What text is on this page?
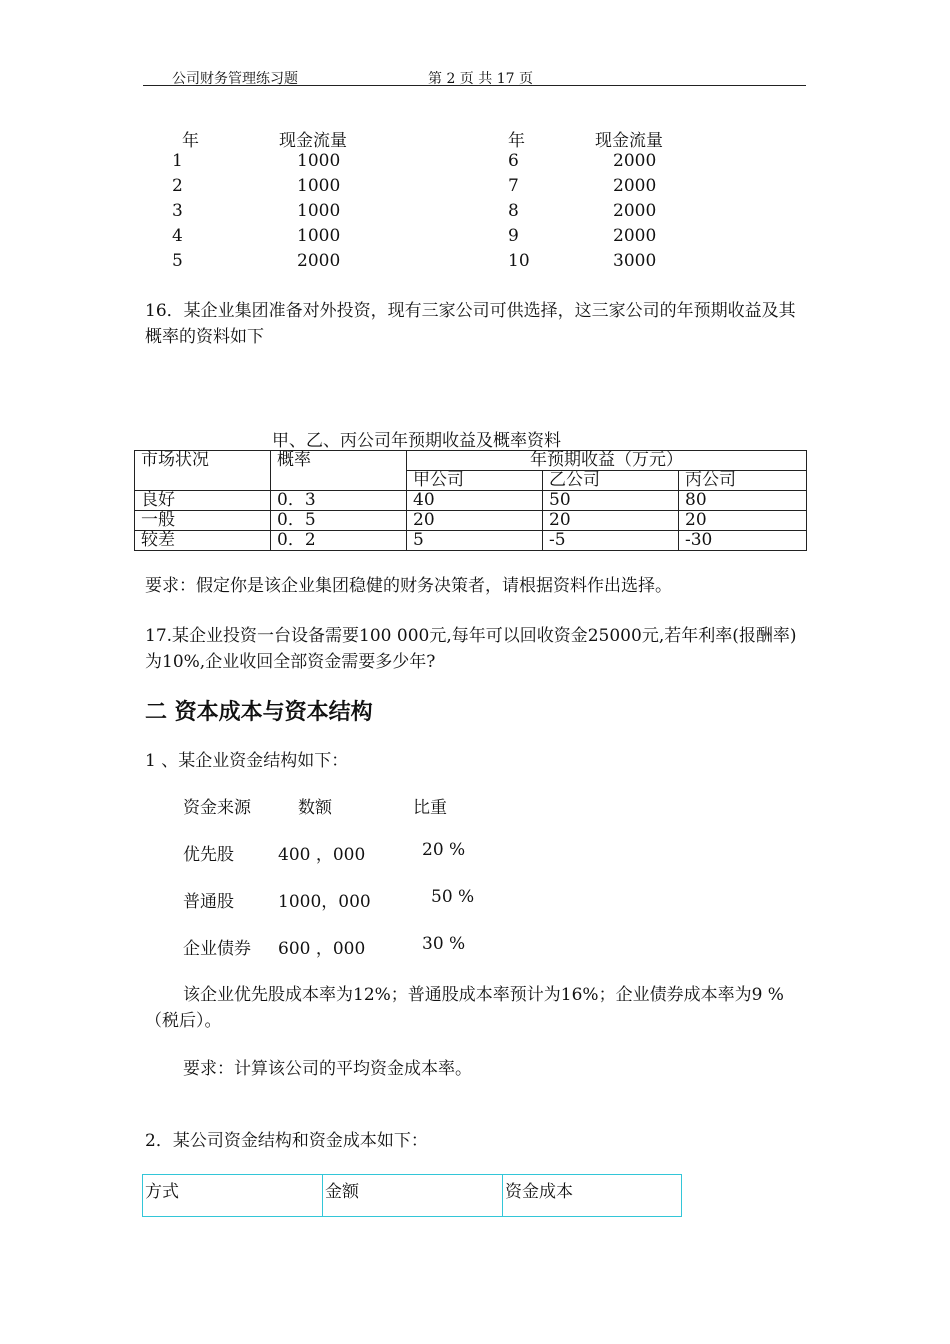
公司财务管理练习题	第 2 页 共 17 页
年	现金流量	年	现金流量
1	1000	6	2000
2	1000	7	2000
3	1000	8	2000
4	1000	9	2000
5	2000	10	3000
16．某企业集团准备对外投资，现有三家公司可供选择，这三家公司的年预期收益及其概率的资料如下
甲、乙、丙公司年预期收益及概率资料
市场状况	概率	年预期收益（万元）		
		甲公司	乙公司	丙公司
良好	0．3	40	50	80
一般	0．5	20	20	20
较差	0．2	5	-5	-30
要求：假定你是该企业集团稳健的财务决策者，请根据资料作出选择。
17.某企业投资一台设备需要100 000元,每年可以回收资金25000元,若年利率(报酬率)为10%,企业收回全部资金需要多少年?
二 资本成本与资本结构
1 、某企业资金结构如下：
资金来源	数额	比重
优先股	400 ，000	20 %
普通股	1000，000	50 %
企业债券 600 ，000	30 %
该企业优先股成本率为12%；普通股成本率预计为16%；企业债券成本率为9 %（税后）。
要求：计算该公司的平均资金成本率。
2．某公司资金结构和资金成本如下：
方式	金额	资金成本
